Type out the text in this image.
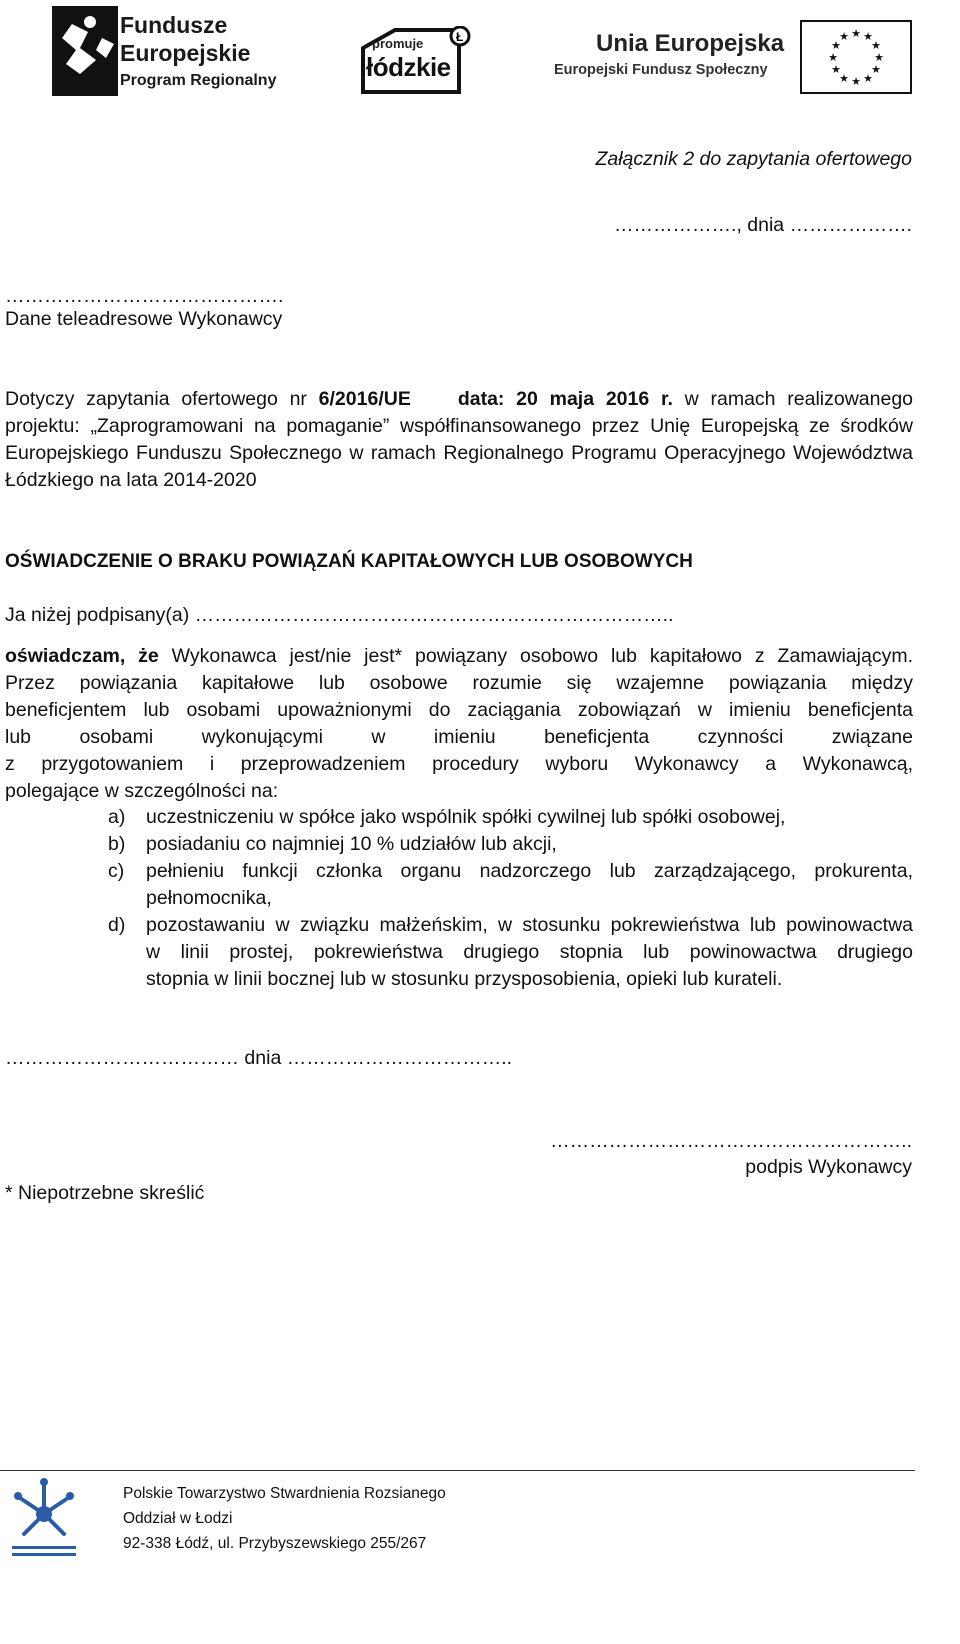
Fundusze
Europejskie
Program Regionalny
Ł
promuje
łódzkie
Unia Europejska
Europejski Fundusz Społeczny
★ ★
★
★
★
★
★
★
★
★
★
★
Załącznik 2 do zapytania ofertowego
………………., dnia ……………….
…………………………………….
Dane teleadresowe Wykonawcy
Dotyczy zapytania ofertowego nr 6/2016/UE    data: 20 maja 2016 r. w ramach realizowanego
projektu: „Zaprogramowani na pomaganie” współfinansowanego przez Unię Europejską ze środków
Europejskiego Funduszu Społecznego w ramach Regionalnego Programu Operacyjnego Województwa
Łódzkiego na lata 2014-2020
OŚWIADCZENIE O BRAKU POWIĄZAŃ KAPITAŁOWYCH LUB OSOBOWYCH
Ja niżej podpisany(a) ………………………………………………………………..
oświadczam, że Wykonawca jest/nie jest* powiązany osobowo lub kapitałowo z Zamawiającym.
Przez powiązania kapitałowe lub osobowe rozumie się wzajemne powiązania między
beneficjentem lub osobami upoważnionymi do zaciągania zobowiązań w imieniu beneficjenta
lub osobami wykonującymi w imieniu beneficjenta czynności związane
z przygotowaniem i przeprowadzeniem procedury wyboru Wykonawcy a Wykonawcą,
polegające w szczególności na:
a) uczestniczeniu w spółce jako wspólnik spółki cywilnej lub spółki osobowej,
b) posiadaniu co najmniej 10 % udziałów lub akcji,
c) pełnieniu funkcji członka organu nadzorczego lub zarządzającego, prokurenta,
pełnomocnika,
d) pozostawaniu w związku małżeńskim, w stosunku pokrewieństwa lub powinowactwa
w linii prostej, pokrewieństwa drugiego stopnia lub powinowactwa drugiego
stopnia w linii bocznej lub w stosunku przysposobienia, opieki lub kurateli.
……………………………… dnia ……………………………..
………………………………………………..
podpis Wykonawcy
* Niepotrzebne skreślić
Polskie Towarzystwo Stwardnienia Rozsianego
Oddział w Łodzi
92-338 Łódź, ul. Przybyszewskiego 255/267
